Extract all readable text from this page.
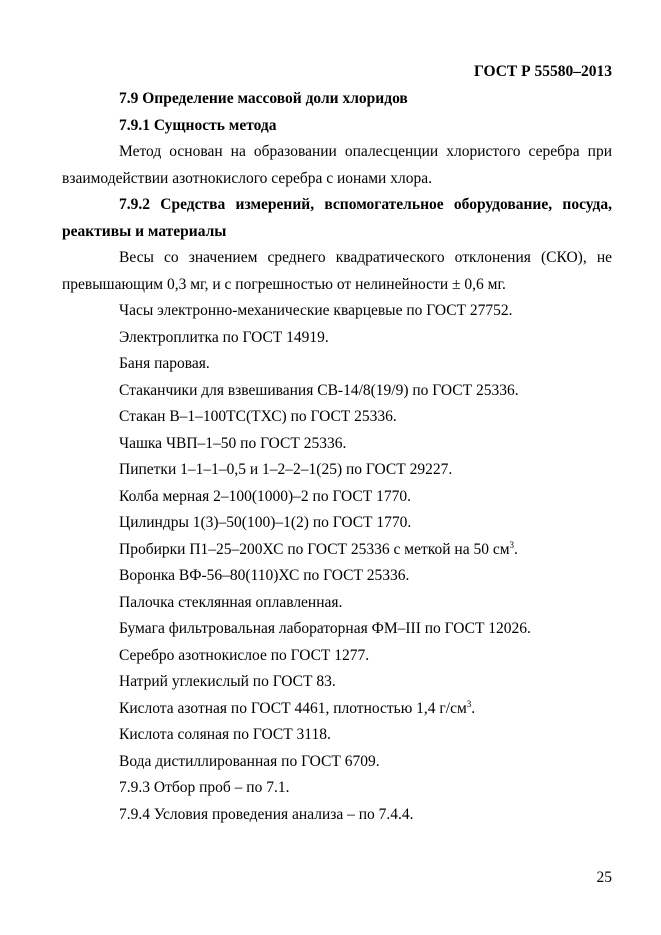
ГОСТ Р 55580–2013

7.9 Определение массовой доли хлоридов

7.9.1 Сущность метода

Метод основан на образовании опалесценции хлористого серебра при взаимодействии азотнокислого серебра с ионами хлора.

7.9.2 Средства измерений, вспомогательное оборудование, посуда, реактивы и материалы

Весы со значением среднего квадратического отклонения (СКО), не превышающим 0,3 мг, и с погрешностью от нелинейности ± 0,6 мг.

Часы электронно-механические кварцевые по ГОСТ 27752.

Электроплитка по ГОСТ 14919.

Баня паровая.

Стаканчики для взвешивания СВ-14/8(19/9) по ГОСТ 25336.

Стакан В–1–100ТС(ТХС) по ГОСТ 25336.

Чашка ЧВП–1–50 по ГОСТ 25336.

Пипетки 1–1–1–0,5 и 1–2–2–1(25) по ГОСТ 29227.

Колба мерная 2–100(1000)–2 по ГОСТ 1770.

Цилиндры 1(3)–50(100)–1(2) по ГОСТ 1770.

Пробирки П1–25–200ХС по ГОСТ 25336 с меткой на 50 $см^3$.

Воронка ВФ-56–80(110)ХС по ГОСТ 25336.

Палочка стеклянная оплавленная.

Бумага фильтровальная лабораторная ФМ–III по ГОСТ 12026.

Серебро азотнокислое по ГОСТ 1277.

Натрий углекислый по ГОСТ 83.

Кислота азотная по ГОСТ 4461, плотностью 1,4 $г/см^3$.

Кислота соляная по ГОСТ 3118.

Вода дистиллированная по ГОСТ 6709.

7.9.3 Отбор проб – по 7.1.

7.9.4 Условия проведения анализа – по 7.4.4.

25
